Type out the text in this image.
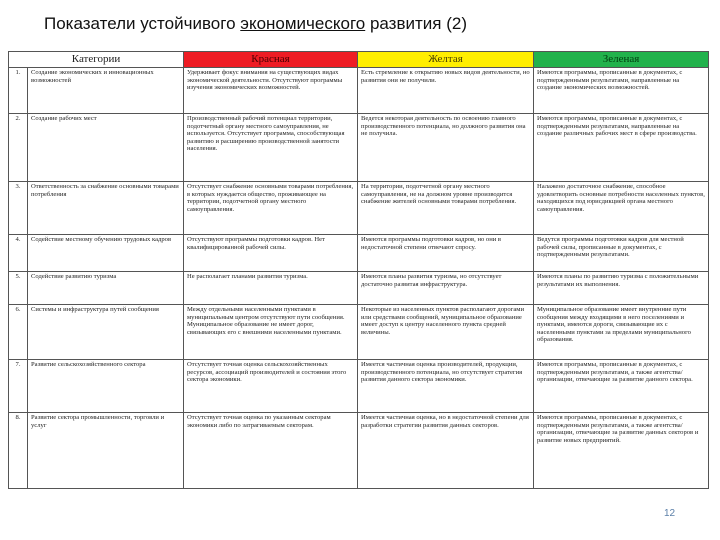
Показатели устойчивого экономического развития (2)
Категории		Красная	Желтая	Зеленая
1.	Создание экономических и инновационных возможностей	Удерживает фокус внимания на существующих видах экономической деятельности. Отсутствуют программы изучения экономических возможностей.	Есть стремление к открытию новых видов деятельности, но развития они не получили.	Имеются программы, прописанные в документах, с подтвержденными результатами, направленные на создание экономических возможностей.
2.	Создание рабочих мест	Производственный рабочий потенциал территории, подотчетный органу местного самоуправления, не используется. Отсутствует программа, способствующая развитию и расширению производственной занятости населения.	Ведется некоторая деятельность по освоению главного производственного потенциала, но должного развития она не получила.	Имеются программы, прописанные в документах, с подтвержденными результатами, направленные на создание различных рабочих мест в сфере производства.
3.	Ответственность за снабжение основными товарами потребления	Отсутствует снабжение основными товарами потребления, в которых нуждается общество, проживающее на территории, подотчетной органу местного самоуправления.	На территории, подотчетной органу местного самоуправления, не на должном уровне производится снабжение жителей основными товарами потребления.	Налажено достаточное снабжение, способное удовлетворить основные потребности населенных пунктов, находящихся под юрисдикцией органа местного самоуправления.
4.	Содействие местному обучению трудовых кадров	Отсутствуют программы подготовки кадров. Нет квалифицированной рабочей силы.	Имеются программы подготовки кадров, но они в недостаточной степени отвечают спросу.	Ведутся программы подготовки кадров для местной рабочей силы, прописанные в документах, с подтвержденными результатами.
5.	Содействие развитию туризма	Не располагает планами развития туризма.	Имеются планы развития туризма, но отсутствует достаточно развитая инфраструктура.	Имеются планы по развитию туризма с положительными результатами их выполнения.
6.	Системы и инфраструктура путей сообщения	Между отдельными населенными пунктами в муниципальным центром отсутствуют пути сообщения. Муниципальное образование не имеет дорог, связывающих его с внешними населенными пунктами.	Некоторые из населенных пунктов располагают дорогами или средствами сообщений, муниципальное образование имеет доступ к центру населенного пункта средней величины.	Муниципальное образование имеет внутренние пути сообщения между входящими в него поселениями и пунктами, имеются дороги, связывающие их с населенными пунктами за пределами муниципального образования.
7.	Развитие сельскохозяйственного сектора	Отсутствует точная оценка сельскохозяйственных ресурсов, ассоциаций производителей и состояния этого сектора экономики.	Имеется частичная оценка производителей, продукции, производственного потенциала, но отсутствует стратегия развития данного сектора экономики.	Имеются программы, прописанные в документах, с подтвержденными результатами, а также агентства/организации, отвечающие за развитие данного сектора.
8.	Развитие сектора промышленности, торговли и услуг	Отсутствует точная оценка по указанным секторам экономики либо по затрагиваемым секторам.	Имеется частичная оценка, но в недостаточной степени для разработки стратегии развития данных секторов.	Имеются программы, прописанные в документах, с подтвержденными результатами, а также агентства/организации, отвечающие за развитие данных секторов и развитие новых предприятий.
12
